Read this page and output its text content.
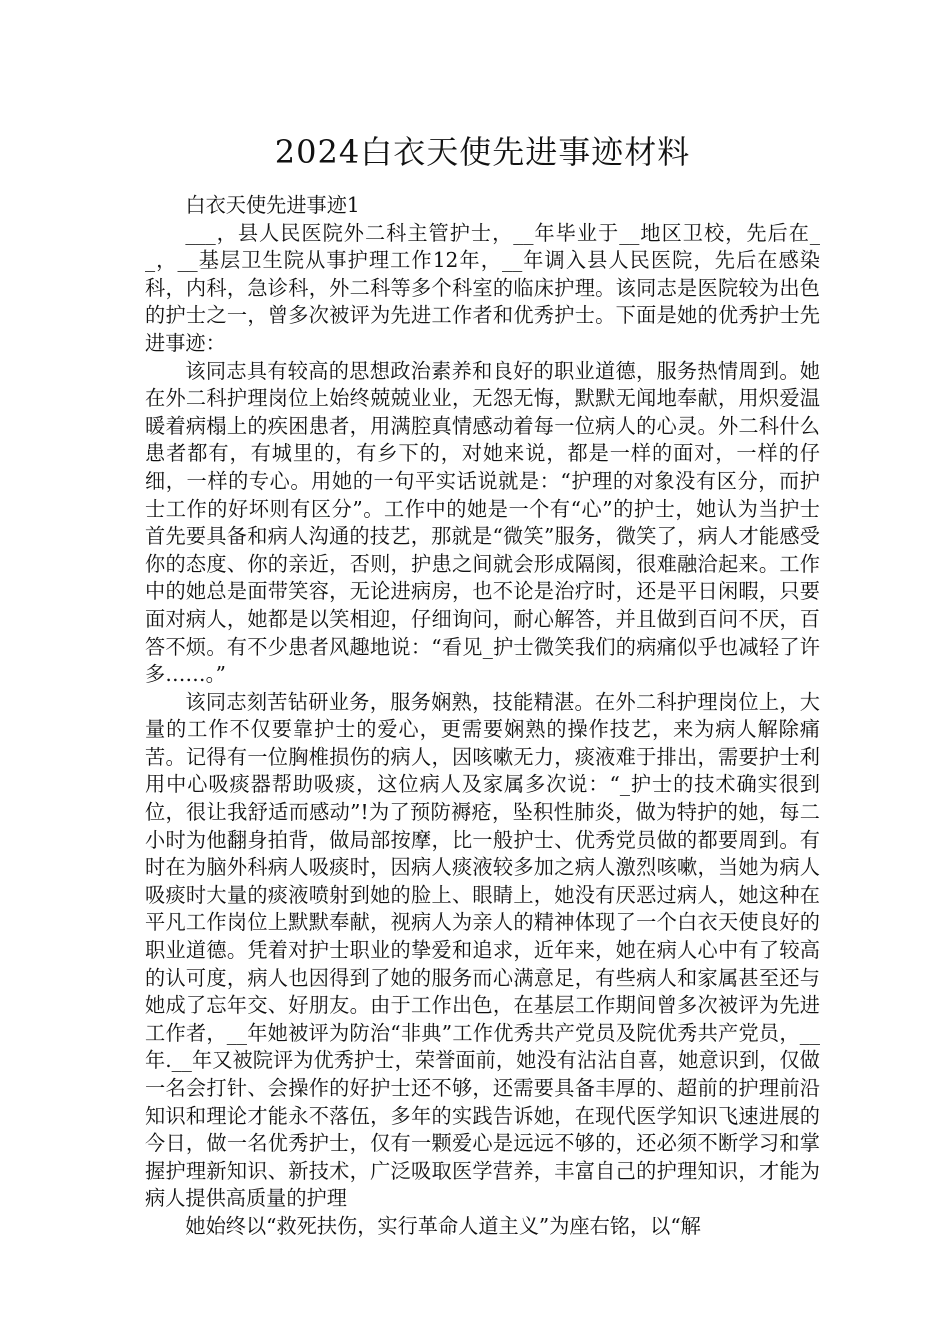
2024白衣天使先进事迹材料

白衣天使先进事迹1

___，县人民医院外二科主管护士，__年毕业于__地区卫校，先后在__，__基层卫生院从事护理工作12年，__年调入县人民医院，先后在感染科，内科，急诊科，外二科等多个科室的临床护理。该同志是医院较为出色的护士之一，曾多次被评为先进工作者和优秀护士。下面是她的优秀护士先进事迹：

该同志具有较高的思想政治素养和良好的职业道德，服务热情周到。她在外二科护理岗位上始终兢兢业业，无怨无悔，默默无闻地奉献，用炽爱温暖着病榻上的疾困患者，用满腔真情感动着每一位病人的心灵。外二科什么患者都有，有城里的，有乡下的，对她来说，都是一样的面对，一样的仔细，一样的专心。用她的一句平实话说就是：“护理的对象没有区分，而护士工作的好坏则有区分”。工作中的她是一个有“心”的护士，她认为当护士首先要具备和病人沟通的技艺，那就是“微笑”服务，微笑了，病人才能感受你的态度、你的亲近，否则，护患之间就会形成隔阂，很难融洽起来。工作中的她总是面带笑容，无论进病房，也不论是治疗时，还是平日闲暇，只要面对病人，她都是以笑相迎，仔细询问，耐心解答，并且做到百问不厌，百答不烦。有不少患者风趣地说：“看见_护士微笑我们的病痛似乎也减轻了许多……。”

该同志刻苦钻研业务，服务娴熟，技能精湛。在外二科护理岗位上，大量的工作不仅要靠护士的爱心，更需要娴熟的操作技艺，来为病人解除痛苦。记得有一位胸椎损伤的病人，因咳嗽无力，痰液难于排出，需要护士利用中心吸痰器帮助吸痰，这位病人及家属多次说：“_护士的技术确实很到位，很让我舒适而感动”!为了预防褥疮，坠积性肺炎，做为特护的她，每二小时为他翻身拍背，做局部按摩，比一般护士、优秀党员做的都要周到。有时在为脑外科病人吸痰时，因病人痰液较多加之病人激烈咳嗽，当她为病人吸痰时大量的痰液喷射到她的脸上、眼睛上，她没有厌恶过病人，她这种在平凡工作岗位上默默奉献，视病人为亲人的精神体现了一个白衣天使良好的职业道德。凭着对护士职业的挚爱和追求，近年来，她在病人心中有了较高的认可度，病人也因得到了她的服务而心满意足，有些病人和家属甚至还与她成了忘年交、好朋友。由于工作出色，在基层工作期间曾多次被评为先进工作者，__年她被评为防治“非典”工作优秀共产党员及院优秀共产党员，__年.__年又被院评为优秀护士，荣誉面前，她没有沾沾自喜，她意识到，仅做一名会打针、会操作的好护士还不够，还需要具备丰厚的、超前的护理前沿知识和理论才能永不落伍，多年的实践告诉她，在现代医学知识飞速进展的今日，做一名优秀护士，仅有一颗爱心是远远不够的，还必须不断学习和掌握护理新知识、新技术，广泛吸取医学营养，丰富自己的护理知识，才能为病人提供高质量的护理

她始终以“救死扶伤，实行革命人道主义”为座右铭，以“解
